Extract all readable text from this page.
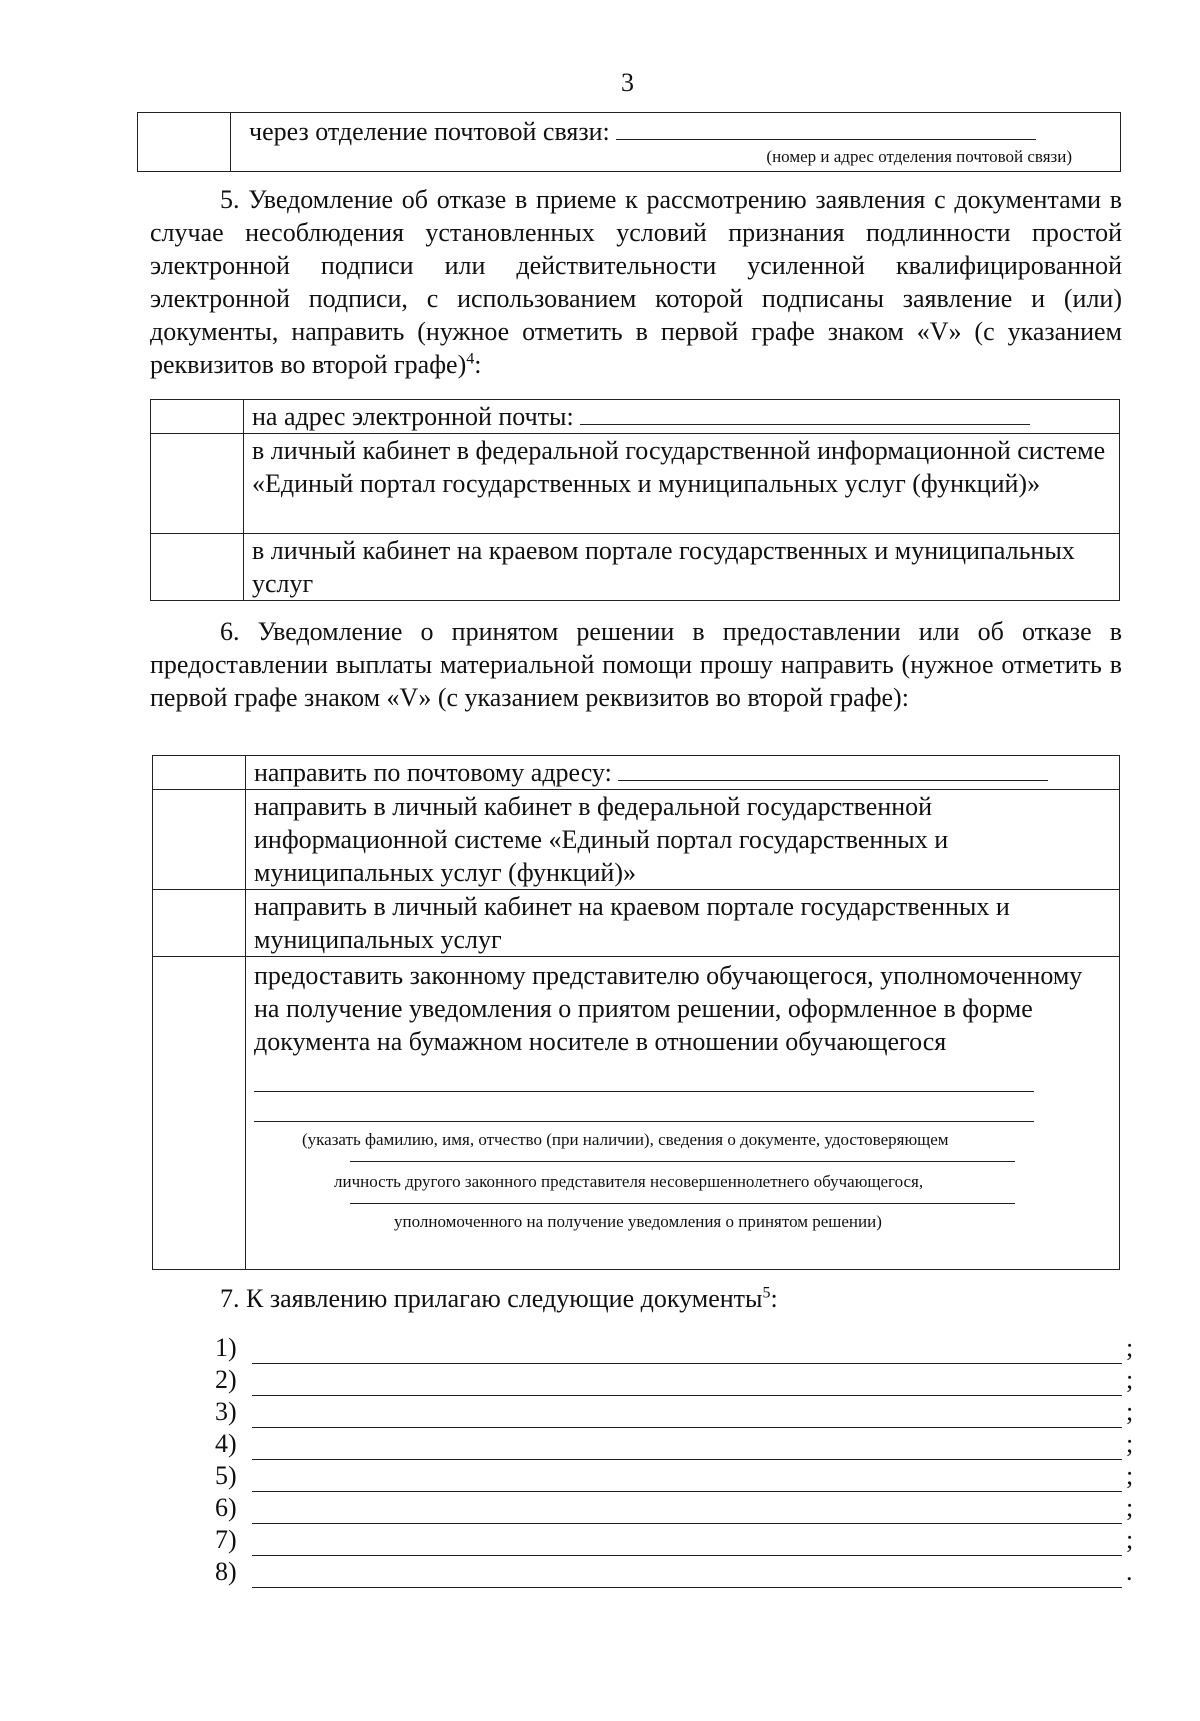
3

через отделение почтовой связи:
(номер и адрес отделения почтовой связи)
5. Уведомление об отказе в приеме к рассмотрению заявления с документами в случае несоблюдения установленных условий признания подлинности простой электронной подписи или действительности усиленной квалифицированной электронной подписи, с использованием которой подписаны заявление и (или) документы, направить (нужное отметить в первой графе знаком «V» (с указанием реквизитов во второй графе)$^4$:
	на адрес электронной почты:
	в личный кабинет в федеральной государственной информационной системе «Единый портал государственных и муниципальных услуг (функций)»
	в личный кабинет на краевом портале государственных и муниципальных услуг
6. Уведомление о принятом решении в предоставлении или об отказе в предоставлении выплаты материальной помощи прошу направить (нужное отметить в первой графе знаком «V» (с указанием реквизитов во второй графе):
	направить по почтовому адресу:
	направить в личный кабинет в федеральной государственной информационной системе «Единый портал государственных и муниципальных услуг (функций)»
	направить в личный кабинет на краевом портале государственных и муниципальных услуг

	предоставить законному представителю обучающегося, уполномоченному на получение уведомления о приятом решении, оформленное в форме документа на бумажном носителе в отношении обучающегося
(указать фамилию, имя, отчество (при наличии), сведения о документе, удостоверяющем
личность другого законного представителя несовершеннолетнего обучающегося,
уполномоченного на получение уведомления о принятом решении)
7. К заявлению прилагаю следующие документы$^5$:
1)	;
2)	;
3)	;
4)	;
5)	;
6)	;
7)	;
8)	.
